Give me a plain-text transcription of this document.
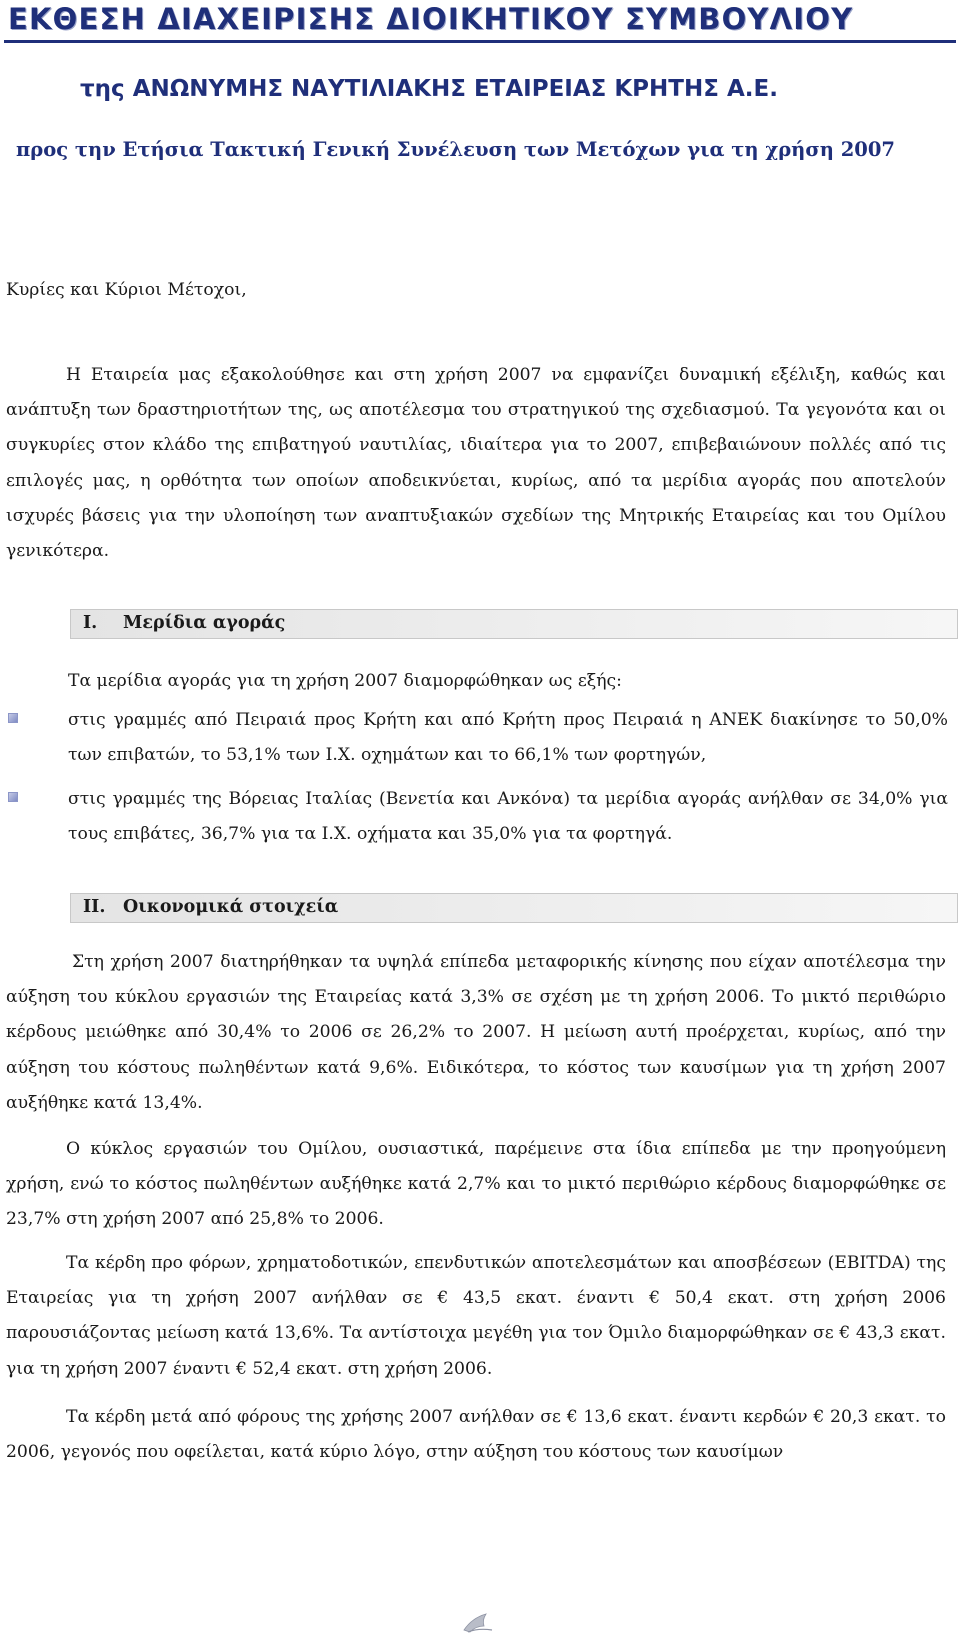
ΕΚΘΕΣΗ ΔΙΑΧΕΙΡΙΣΗΣ ΔΙΟΙΚΗΤΙΚΟΥ ΣΥΜΒΟΥΛΙΟΥ
της ΑΝΩΝΥΜΗΣ ΝΑΥΤΙΛΙΑΚΗΣ ΕΤΑΙΡΕΙΑΣ ΚΡΗΤΗΣ Α.Ε.
προς την Ετήσια Τακτική Γενική Συνέλευση των Μετόχων για τη χρήση 2007

Κυρίες και Κύριοι Μέτοχοι,

Η Εταιρεία μας εξακολούθησε και στη χρήση 2007 να εμφανίζει δυναμική εξέλιξη, καθώς και ανάπτυξη των δραστηριοτήτων της, ως αποτέλεσμα του στρατηγικού της σχεδιασμού. Τα γεγονότα και οι συγκυρίες στον κλάδο της επιβατηγού ναυτιλίας, ιδιαίτερα για το 2007, επιβεβαιώνουν πολλές από τις επιλογές μας, η ορθότητα των οποίων αποδεικνύεται, κυρίως, από τα μερίδια αγοράς που αποτελούν ισχυρές βάσεις για την υλοποίηση των αναπτυξιακών σχεδίων της Μητρικής Εταιρείας και του Ομίλου γενικότερα.

I. Μερίδια αγοράς
Τα μερίδια αγοράς για τη χρήση 2007 διαμορφώθηκαν ως εξής:

στις γραμμές από Πειραιά προς Κρήτη και από Κρήτη προς Πειραιά η ΑΝΕΚ διακίνησε το 50,0% των επιβατών, το 53,1% των Ι.Χ. οχημάτων και το 66,1% των φορτηγών,

στις γραμμές της Βόρειας Ιταλίας (Βενετία και Ανκόνα) τα μερίδια αγοράς ανήλθαν σε 34,0% για τους επιβάτες, 36,7% για τα Ι.Χ. οχήματα και 35,0% για τα φορτηγά.

II. Οικονομικά στοιχεία

Στη χρήση 2007 διατηρήθηκαν τα υψηλά επίπεδα μεταφορικής κίνησης που είχαν αποτέλεσμα την αύξηση του κύκλου εργασιών της Εταιρείας κατά 3,3% σε σχέση με τη χρήση 2006. Το μικτό περιθώριο κέρδους μειώθηκε από 30,4% το 2006 σε 26,2% το 2007. Η μείωση αυτή προέρχεται, κυρίως, από την αύξηση του κόστους πωληθέντων κατά 9,6%. Ειδικότερα, το κόστος των καυσίμων για τη χρήση 2007 αυξήθηκε κατά 13,4%.

Ο κύκλος εργασιών του Ομίλου, ουσιαστικά, παρέμεινε στα ίδια επίπεδα με την προηγούμενη χρήση, ενώ το κόστος πωληθέντων αυξήθηκε κατά 2,7% και το μικτό περιθώριο κέρδους διαμορφώθηκε σε 23,7% στη χρήση 2007 από 25,8% το 2006.

Τα κέρδη προ φόρων, χρηματοδοτικών, επενδυτικών αποτελεσμάτων και αποσβέσεων (EBITDA) της Εταιρείας για τη χρήση 2007 ανήλθαν σε € 43,5 εκατ. έναντι € 50,4 εκατ. στη χρήση 2006 παρουσιάζοντας μείωση κατά 13,6%. Τα αντίστοιχα μεγέθη για τον Όμιλο διαμορφώθηκαν σε € 43,3 εκατ. για τη χρήση 2007 έναντι € 52,4 εκατ. στη χρήση 2006.

Τα κέρδη μετά από φόρους της χρήσης 2007 ανήλθαν σε € 13,6 εκατ. έναντι κερδών € 20,3 εκατ. το 2006, γεγονός που οφείλεται, κατά κύριο λόγο, στην αύξηση του κόστους των καυσίμων
